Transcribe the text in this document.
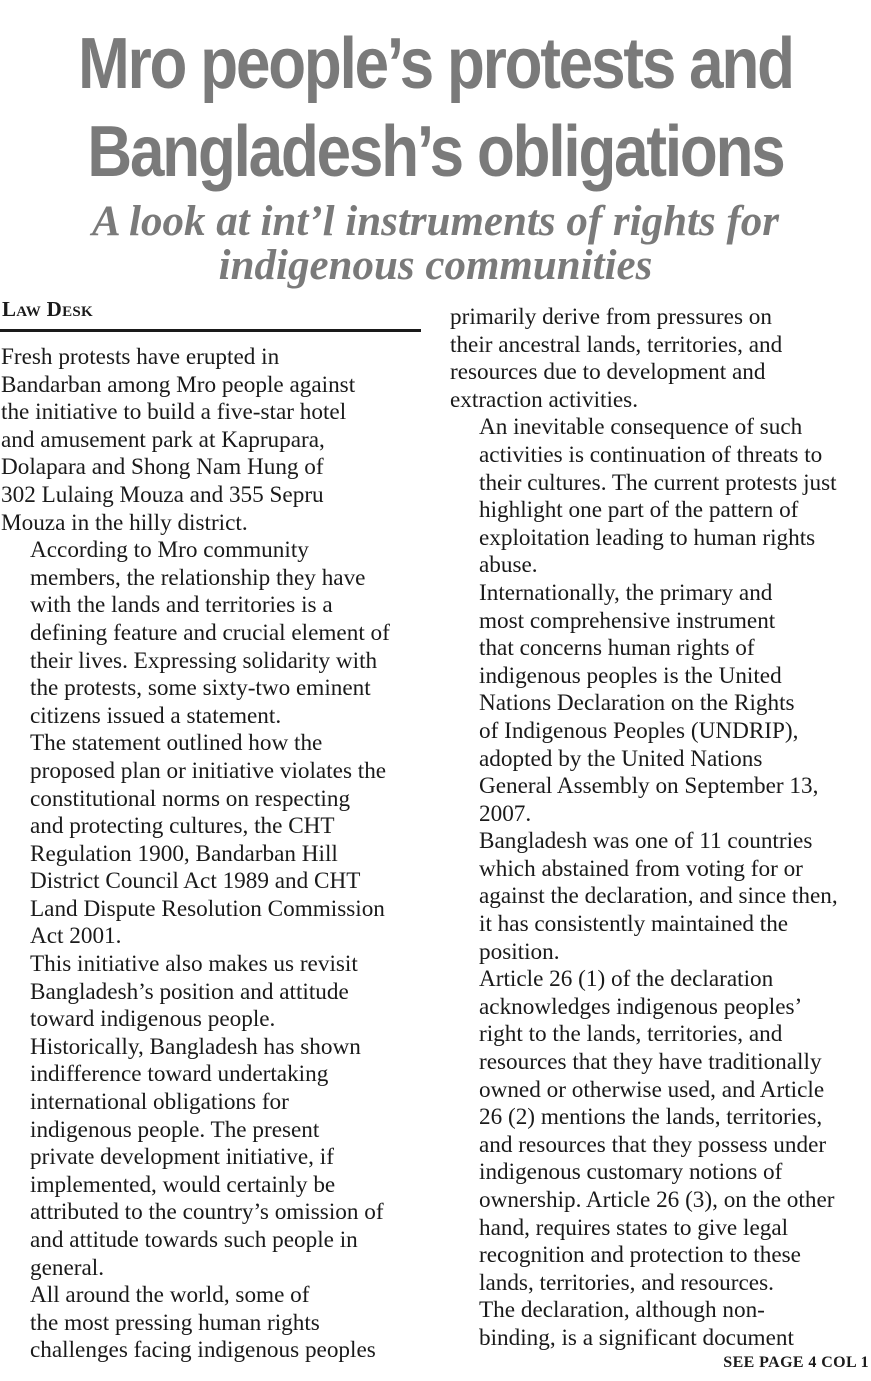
Mro people’s protests and
Bangladesh’s obligations
A look at int’l instruments of rights for
indigenous communities
Law Desk

Fresh protests have erupted in
Bandarban among Mro people against
the initiative to build a five-star hotel
and amusement park at Kaprupara,
Dolapara and Shong Nam Hung of
302 Lulaing Mouza and 355 Sepru
Mouza in the hilly district.

According to Mro community
members, the relationship they have
with the lands and territories is a
defining feature and crucial element of
their lives. Expressing solidarity with
the protests, some sixty-two eminent
citizens issued a statement.

The statement outlined how the
proposed plan or initiative violates the
constitutional norms on respecting
and protecting cultures, the CHT
Regulation 1900, Bandarban Hill
District Council Act 1989 and CHT
Land Dispute Resolution Commission
Act 2001.

This initiative also makes us revisit
Bangladesh’s position and attitude
toward indigenous people.

Historically, Bangladesh has shown
indifference toward undertaking
international obligations for
indigenous people. The present
private development initiative, if
implemented, would certainly be
attributed to the country’s omission of
and attitude towards such people in
general.

All around the world, some of
the most pressing human rights
challenges facing indigenous peoples

primarily derive from pressures on
their ancestral lands, territories, and
resources due to development and
extraction activities.

An inevitable consequence of such
activities is continuation of threats to
their cultures. The current protests just
highlight one part of the pattern of
exploitation leading to human rights
abuse.

Internationally, the primary and
most comprehensive instrument
that concerns human rights of
indigenous peoples is the United
Nations Declaration on the Rights
of Indigenous Peoples (UNDRIP),
adopted by the United Nations
General Assembly on September 13,
2007.

Bangladesh was one of 11 countries
which abstained from voting for or
against the declaration, and since then,
it has consistently maintained the
position.

Article 26 (1) of the declaration
acknowledges indigenous peoples’
right to the lands, territories, and
resources that they have traditionally
owned or otherwise used, and Article
26 (2) mentions the lands, territories,
and resources that they possess under
indigenous customary notions of
ownership. Article 26 (3), on the other
hand, requires states to give legal
recognition and protection to these
lands, territories, and resources.

The declaration, although non-
binding, is a significant document

SEE PAGE 4 COL 1
